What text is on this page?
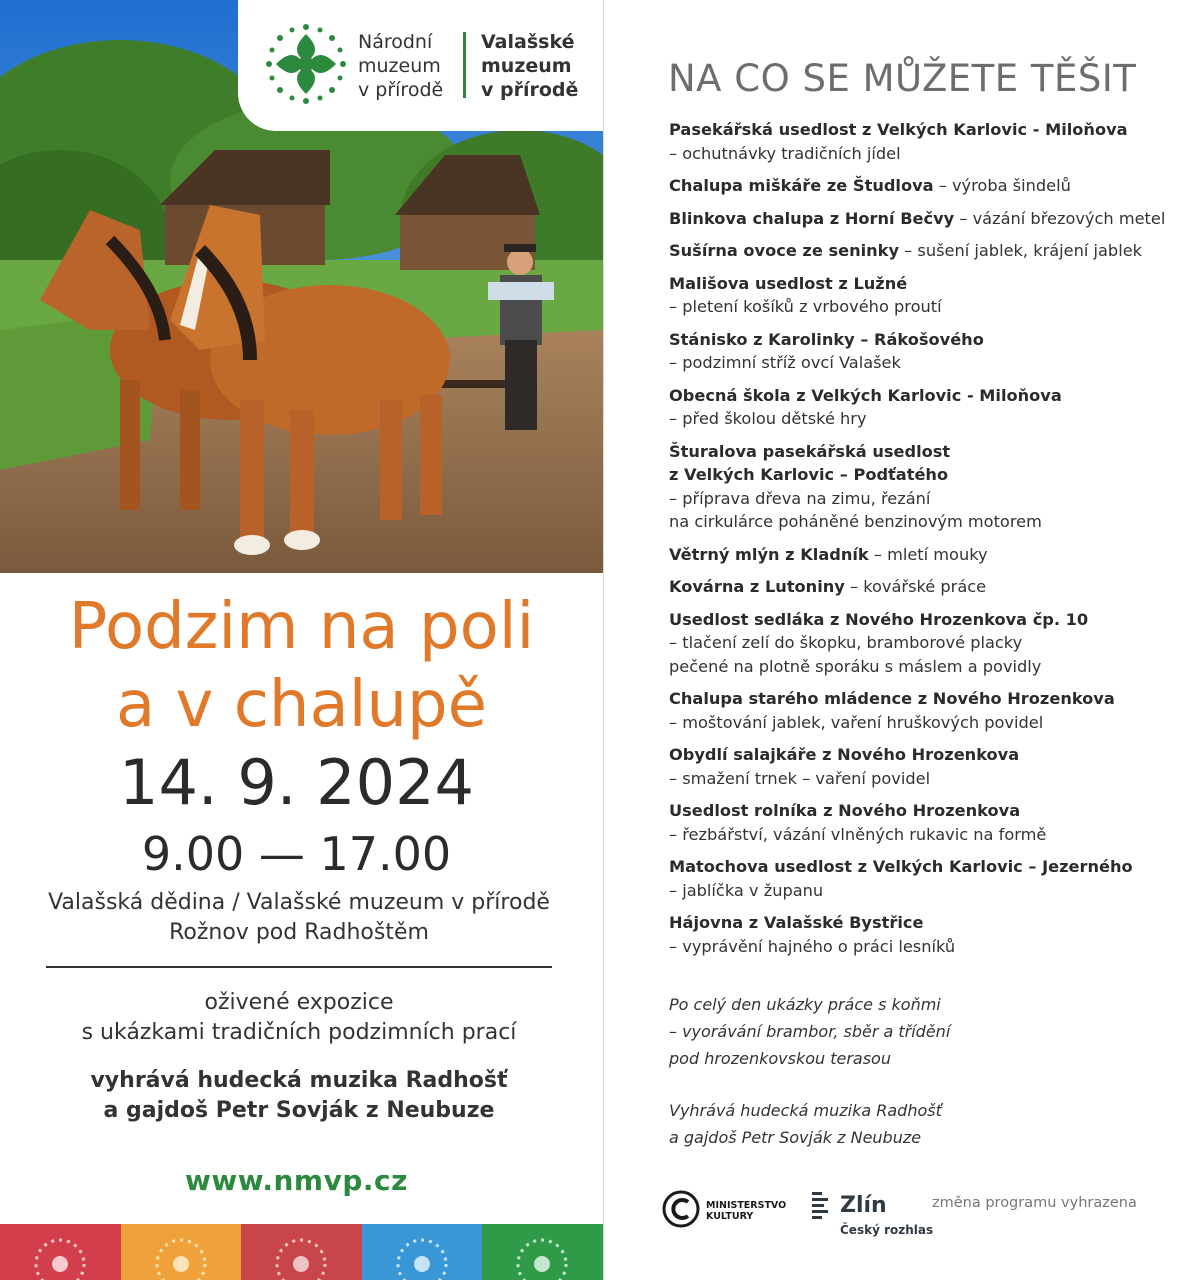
Národní
muzeum
v přírodě
Valašské
muzeum
v přírodě
Podzim na poli
a v chalupě
14. 9. 2024
9.00 — 17.00
Valašská dědina / Valašské muzeum v přírodě
Rožnov pod Radhoštěm
oživené expozice
s ukázkami tradičních podzimních prací
vyhrává hudecká muzika Radhošť
a gajdoš Petr Sovják z Neubuze
www.nmvp.cz
NA CO SE MŮŽETE TĚŠIT
Pasekářská usedlost z Velkých Karlovic - Miloňova
– ochutnávky tradičních jídel
Chalupa miškáře ze Študlova – výroba šindelů
Blinkova chalupa z Horní Bečvy – vázání březových metel
Sušírna ovoce ze seninky – sušení jablek, krájení jablek
Mališova usedlost z Lužné
– pletení košíků z vrbového proutí
Stánisko z Karolinky – Rákošového
– podzimní stříž ovcí Valašek
Obecná škola z Velkých Karlovic - Miloňova
– před školou dětské hry
Šturalova pasekářská usedlost
z Velkých Karlovic – Podťatého
– příprava dřeva na zimu, řezání
na cirkulárce poháněné benzinovým motorem
Větrný mlýn z Kladník – mletí mouky
Kovárna z Lutoniny – kovářské práce
Usedlost sedláka z Nového Hrozenkova čp. 10
– tlačení zelí do škopku, bramborové placky
pečené na plotně sporáku s máslem a povidly
Chalupa starého mládence z Nového Hrozenkova
– moštování jablek, vaření hruškových povidel
Obydlí salajkáře z Nového Hrozenkova
– smažení trnek – vaření povidel
Usedlost rolníka z Nového Hrozenkova
– řezbářství, vázání vlněných rukavic na formě
Matochova usedlost z Velkých Karlovic – Jezerného
– jablíčka v županu
Hájovna z Valašské Bystřice
– vyprávění hajného o práci lesníků
Po celý den ukázky práce s koňmi
– vyorávání brambor, sběr a třídění
pod hrozenkovskou terasou
Vyhrává hudecká muzika Radhošť
a gajdoš Petr Sovják z Neubuze
MINISTERSTVO
KULTURY	Zlín
Český rozhlas
změna programu vyhrazena
